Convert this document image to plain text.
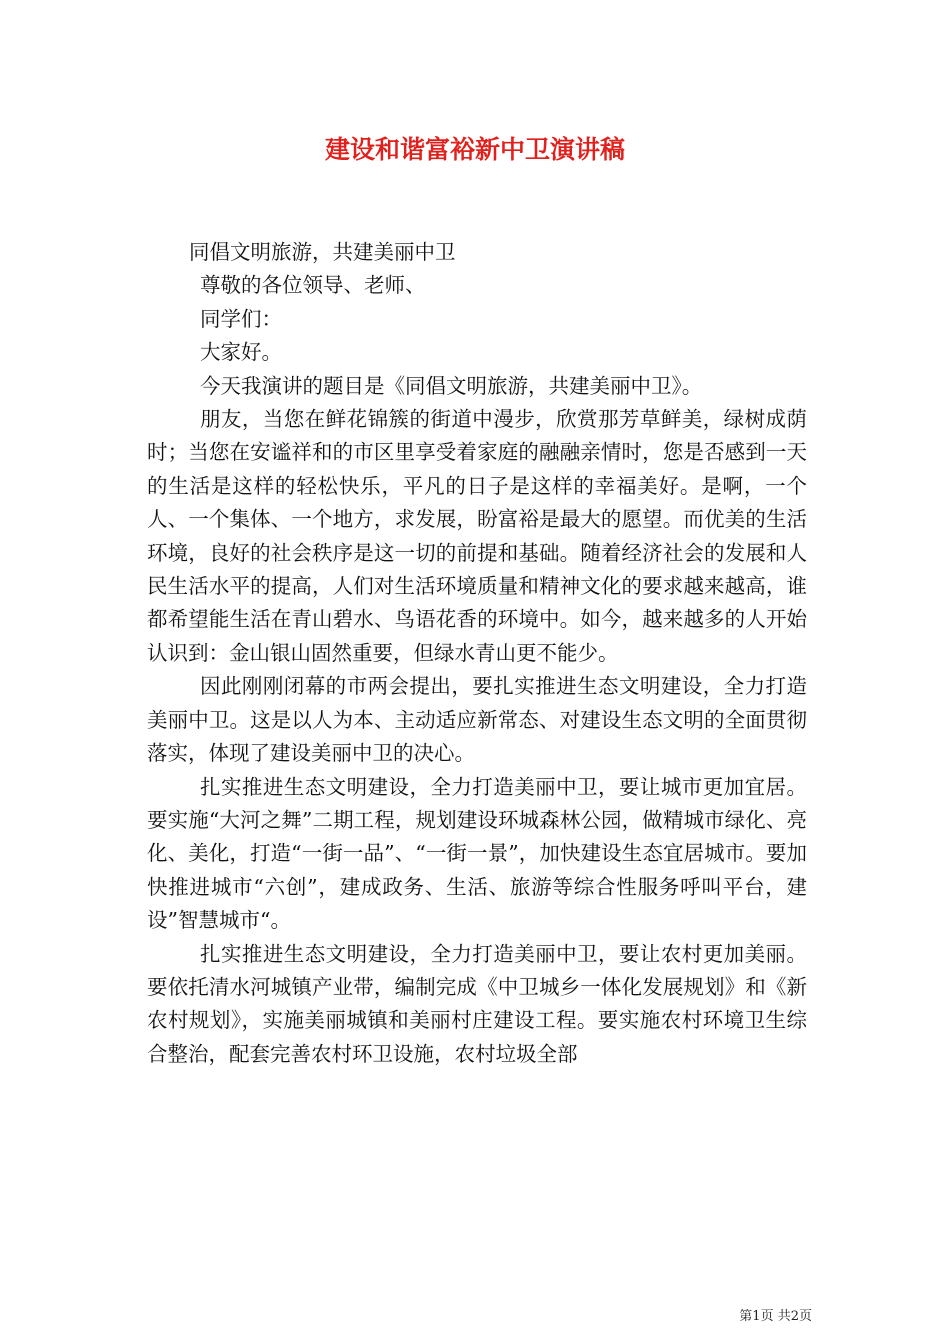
建设和谐富裕新中卫演讲稿

同倡文明旅游，共建美丽中卫

尊敬的各位领导、老师、

同学们：

大家好。

今天我演讲的题目是《同倡文明旅游，共建美丽中卫》。

朋友，当您在鲜花锦簇的街道中漫步，欣赏那芳草鲜美，绿树成荫时；当您在安谧祥和的市区里享受着家庭的融融亲情时，您是否感到一天的生活是这样的轻松快乐，平凡的日子是这样的幸福美好。是啊，一个人、一个集体、一个地方，求发展，盼富裕是最大的愿望。而优美的生活环境，良好的社会秩序是这一切的前提和基础。随着经济社会的发展和人民生活水平的提高，人们对生活环境质量和精神文化的要求越来越高，谁都希望能生活在青山碧水、鸟语花香的环境中。如今，越来越多的人开始认识到：金山银山固然重要，但绿水青山更不能少。

因此刚刚闭幕的市两会提出，要扎实推进生态文明建设，全力打造美丽中卫。这是以人为本、主动适应新常态、对建设生态文明的全面贯彻落实，体现了建设美丽中卫的决心。

扎实推进生态文明建设，全力打造美丽中卫，要让城市更加宜居。要实施“大河之舞”二期工程，规划建设环城森林公园，做精城市绿化、亮化、美化，打造“一街一品”、“一街一景”，加快建设生态宜居城市。要加快推进城市“六创”，建成政务、生活、旅游等综合性服务呼叫平台，建设”智慧城市“。

扎实推进生态文明建设，全力打造美丽中卫，要让农村更加美丽。要依托清水河城镇产业带，编制完成《中卫城乡一体化发展规划》和《新农村规划》，实施美丽城镇和美丽村庄建设工程。要实施农村环境卫生综合整治，配套完善农村环卫设施，农村垃圾全部

第1页 共2页
